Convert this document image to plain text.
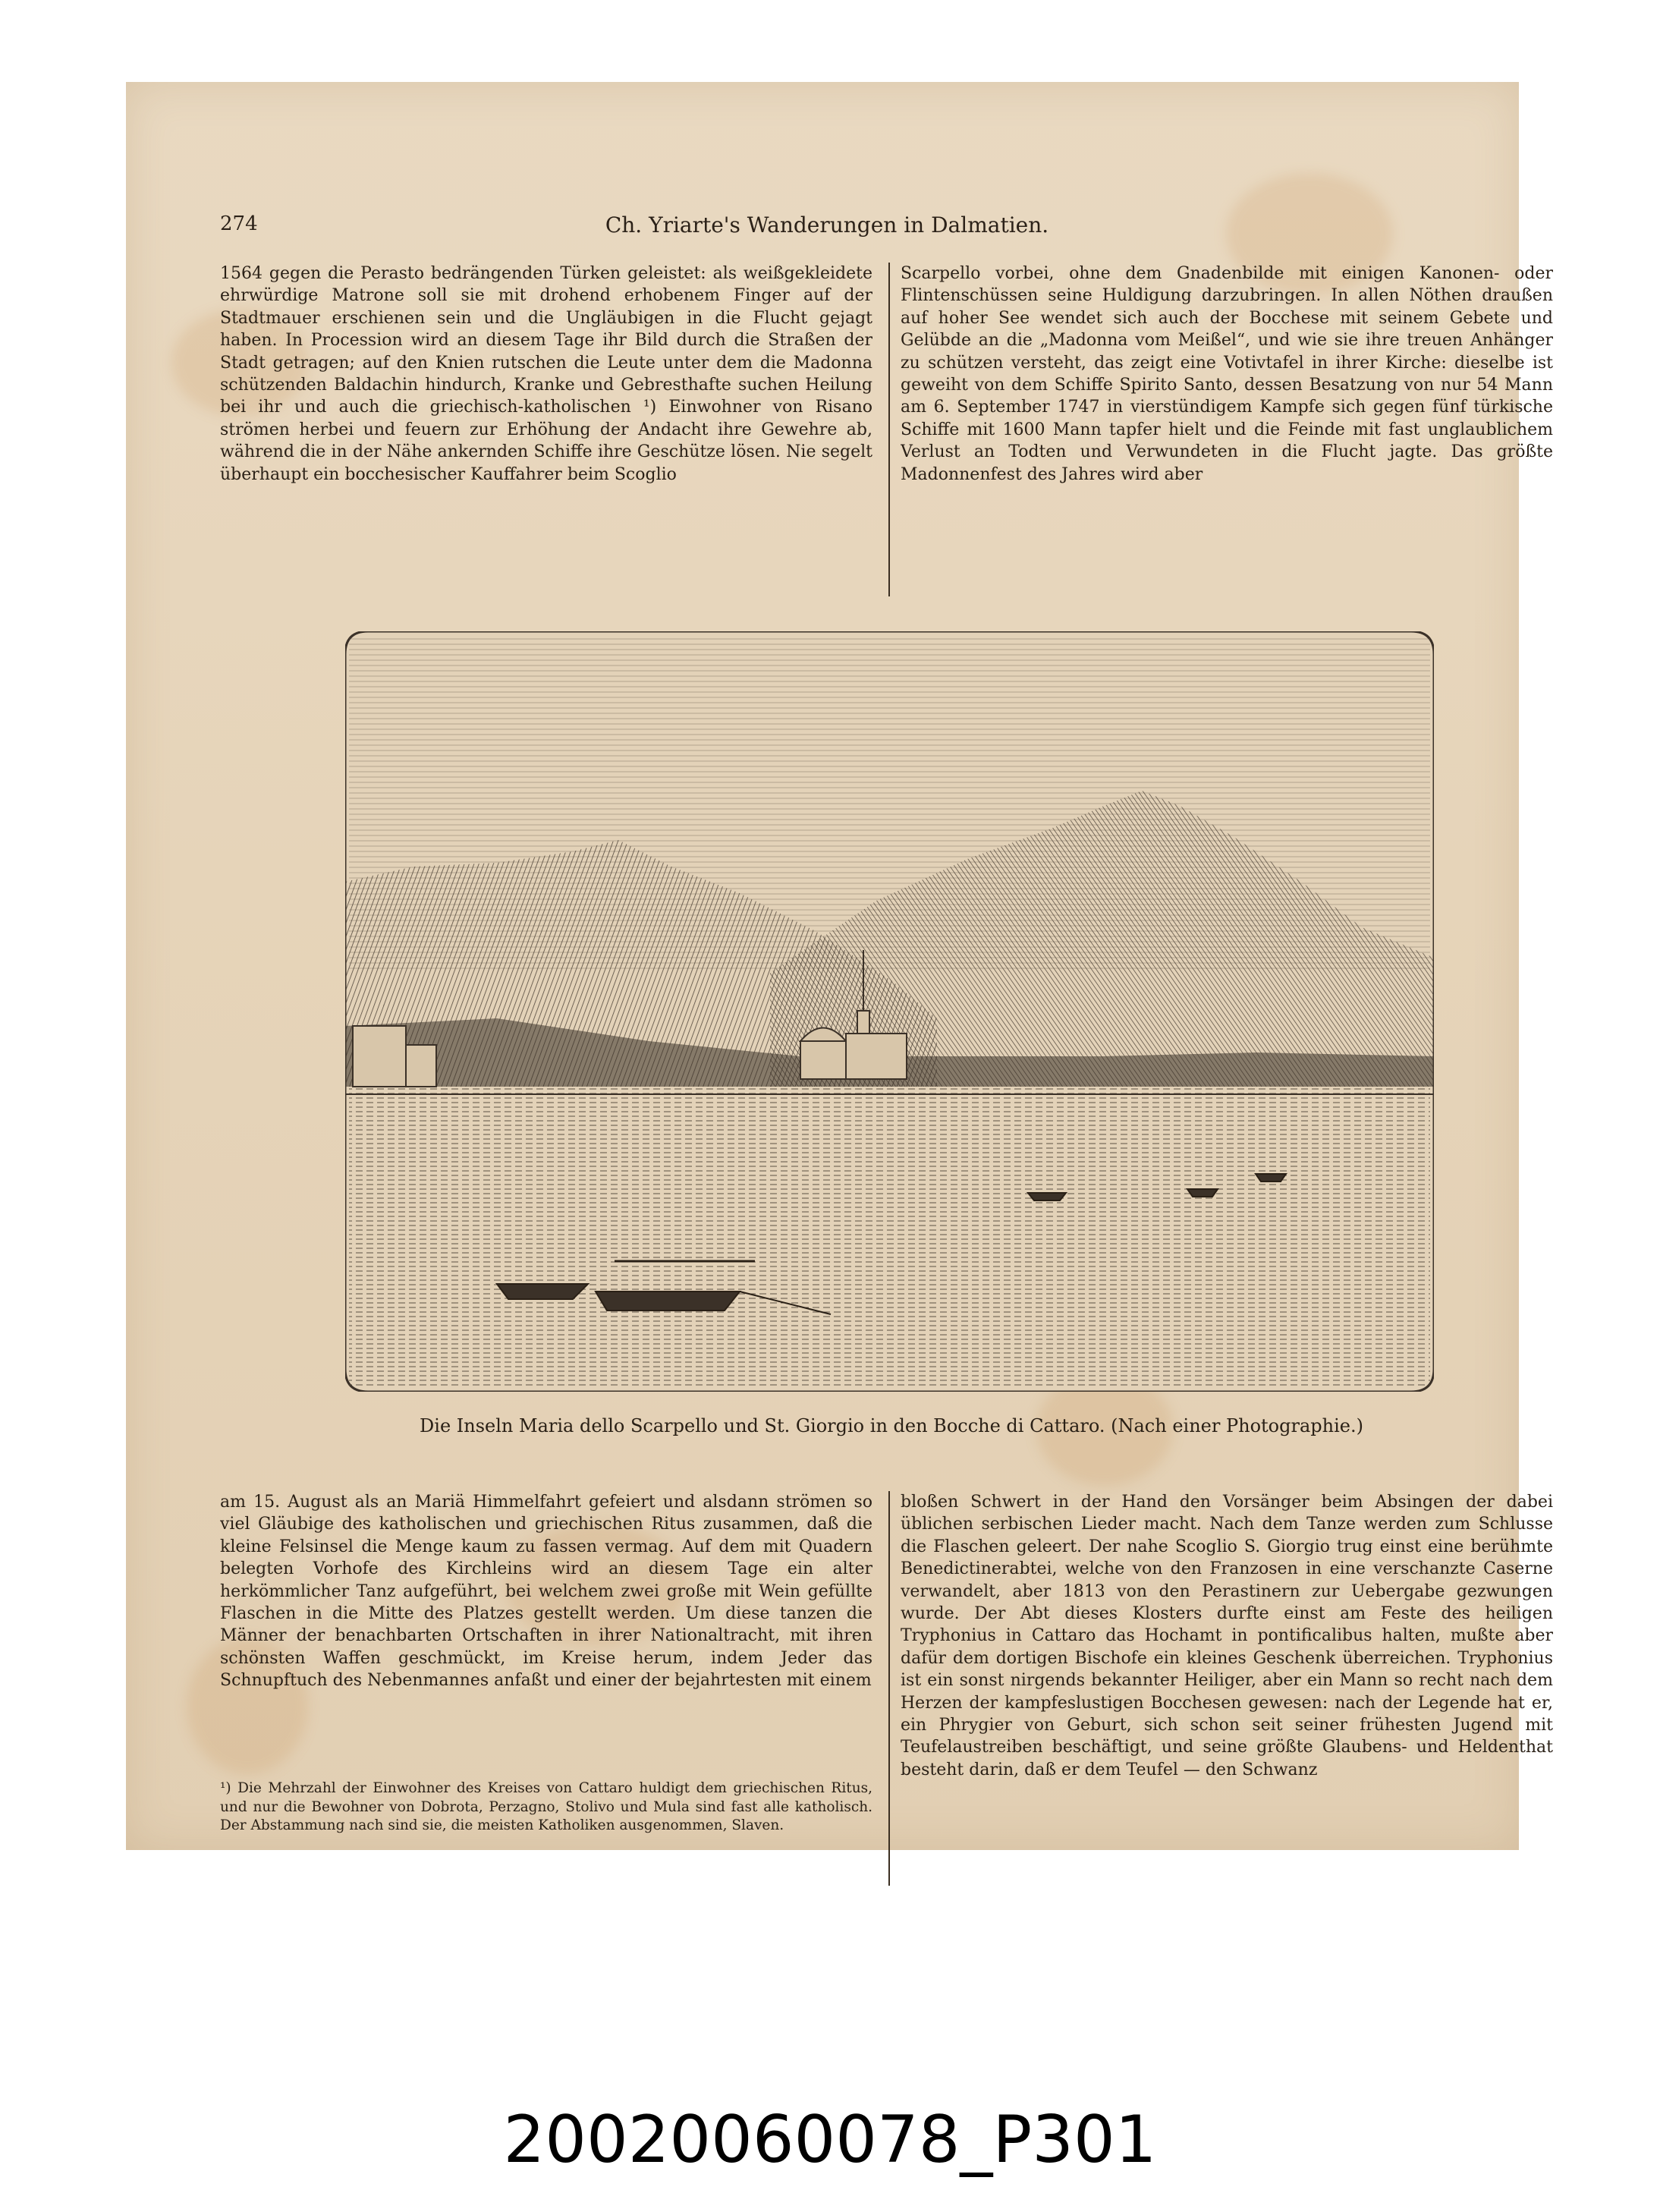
274	Ch. Yriarte's Wanderungen in Dalmatien.
1564 gegen die Perasto bedrängenden Türken geleistet: als weißgekleidete ehrwürdige Matrone soll sie mit drohend erhobenem Finger auf der Stadtmauer erschienen sein und die Ungläubigen in die Flucht gejagt haben. In Procession wird an diesem Tage ihr Bild durch die Straßen der Stadt getragen; auf den Knien rutschen die Leute unter dem die Madonna schützenden Baldachin hindurch, Kranke und Gebresthafte suchen Heilung bei ihr und auch die griechisch-katholischen ¹) Einwohner von Risano strömen herbei und feuern zur Erhöhung der Andacht ihre Gewehre ab, während die in der Nähe ankernden Schiffe ihre Geschütze lösen. Nie segelt überhaupt ein bocchesischer Kauffahrer beim Scoglio
Scarpello vorbei, ohne dem Gnadenbilde mit einigen Kanonen- oder Flintenschüssen seine Huldigung darzubringen. In allen Nöthen draußen auf hoher See wendet sich auch der Bocchese mit seinem Gebete und Gelübde an die „Madonna vom Meißel“, und wie sie ihre treuen Anhänger zu schützen versteht, das zeigt eine Votivtafel in ihrer Kirche: dieselbe ist geweiht von dem Schiffe Spirito Santo, dessen Besatzung von nur 54 Mann am 6. September 1747 in vierstündigem Kampfe sich gegen fünf türkische Schiffe mit 1600 Mann tapfer hielt und die Feinde mit fast unglaublichem Verlust an Todten und Verwundeten in die Flucht jagte. Das größte Madonnenfest des Jahres wird aber
Die Inseln Maria dello Scarpello und St. Giorgio in den Bocche di Cattaro. (Nach einer Photographie.)
am 15. August als an Mariä Himmelfahrt gefeiert und alsdann strömen so viel Gläubige des katholischen und griechischen Ritus zusammen, daß die kleine Felsinsel die Menge kaum zu fassen vermag. Auf dem mit Quadern belegten Vorhofe des Kirchleins wird an diesem Tage ein alter herkömmlicher Tanz aufgeführt, bei welchem zwei große mit Wein gefüllte Flaschen in die Mitte des Platzes gestellt werden. Um diese tanzen die Männer der benachbarten Ortschaften in ihrer Nationaltracht, mit ihren schönsten Waffen geschmückt, im Kreise herum, indem Jeder das Schnupftuch des Nebenmannes anfaßt und einer der bejahrtesten mit einem
bloßen Schwert in der Hand den Vorsänger beim Absingen der dabei üblichen serbischen Lieder macht. Nach dem Tanze werden zum Schlusse die Flaschen geleert. Der nahe Scoglio S. Giorgio trug einst eine berühmte Benedictinerabtei, welche von den Franzosen in eine verschanzte Caserne verwandelt, aber 1813 von den Perastinern zur Uebergabe gezwungen wurde. Der Abt dieses Klosters durfte einst am Feste des heiligen Tryphonius in Cattaro das Hochamt in pontificalibus halten, mußte aber dafür dem dortigen Bischofe ein kleines Geschenk überreichen. Tryphonius ist ein sonst nirgends bekannter Heiliger, aber ein Mann so recht nach dem Herzen der kampfeslustigen Bocchesen gewesen: nach der Legende hat er, ein Phrygier von Geburt, sich schon seit seiner frühesten Jugend mit Teufelaustreiben beschäftigt, und seine größte Glaubens- und Heldenthat besteht darin, daß er dem Teufel — den Schwanz
¹) Die Mehrzahl der Einwohner des Kreises von Cattaro huldigt dem griechischen Ritus, und nur die Bewohner von Dobrota, Perzagno, Stolivo und Mula sind fast alle katholisch. Der Abstammung nach sind sie, die meisten Katholiken ausgenommen, Slaven.
20020060078_P301
